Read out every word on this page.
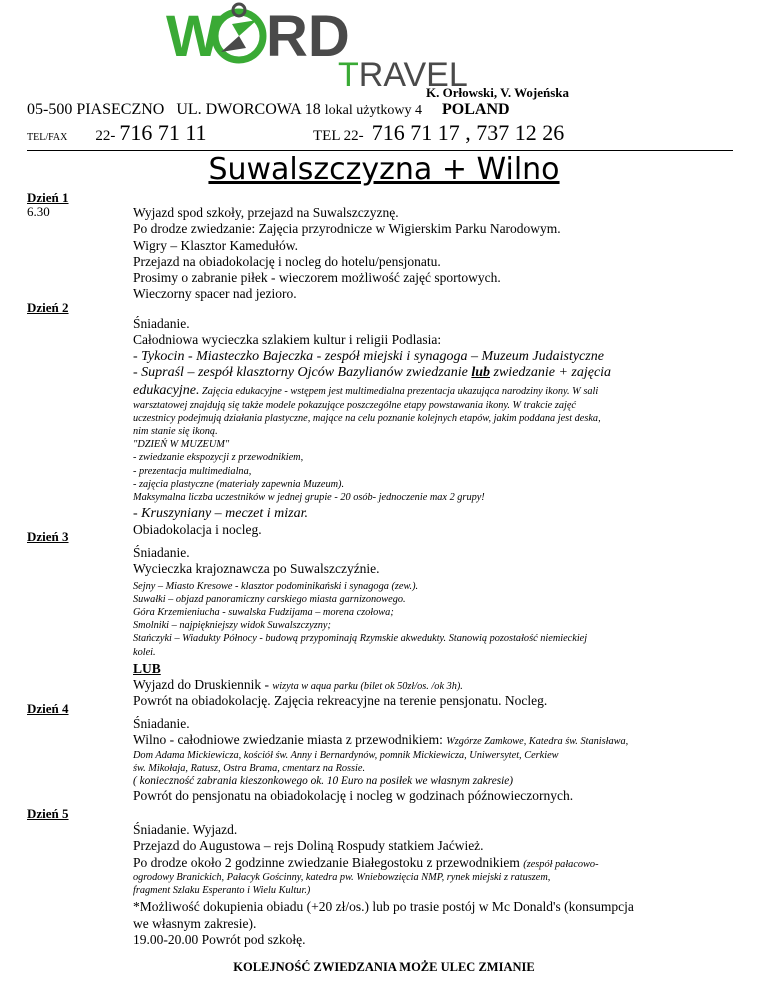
W RD
TRAVEL
K. Orłowski, V. Wojeńska
05-500 PIASECZNO UL. DWORCOWA 18 lokal użytkowy 4 POLAND
TEL/FAX 22- 716 71 11	TEL 22- 716 71 17 , 737 12 26
Suwalszczyzna + Wilno
Dzień 1
6.30	Wyjazd spod szkoły, przejazd na Suwalszczyznę.
Po drodze zwiedzanie: Zajęcia przyrodnicze w Wigierskim Parku Narodowym.
Wigry – Klasztor Kamedułów.
Przejazd na obiadokolację i nocleg do hotelu/pensjonatu.
Prosimy o zabranie piłek - wieczorem możliwość zajęć sportowych.
Wieczorny spacer nad jezioro.
Dzień 2
Śniadanie.
Całodniowa wycieczka szlakiem kultur i religii Podlasia:
- Tykocin - Miasteczko Bajeczka - zespół miejski i synagoga – Muzeum Judaistyczne
- Supraśl – zespół klasztorny Ojców Bazylianów zwiedzanie lub zwiedzanie + zajęcia
edukacyjne. Zajęcia edukacyjne - wstępem jest multimedialna prezentacja ukazująca narodziny ikony. W sali
warsztatowej znajdują się także modele pokazujące poszczególne etapy powstawania ikony. W trakcie zajęć
uczestnicy podejmują działania plastyczne, mające na celu poznanie kolejnych etapów, jakim poddana jest deska,
nim stanie się ikoną.
"DZIEŃ W MUZEUM"
- zwiedzanie ekspozycji z przewodnikiem,
- prezentacja multimedialna,
- zajęcia plastyczne (materiały zapewnia Muzeum).
Maksymalna liczba uczestników w jednej grupie - 20 osób- jednoczenie max 2 grupy!
- Kruszyniany – meczet i mizar.
Obiadokolacja i nocleg.
Dzień 3
Śniadanie.
Wycieczka krajoznawcza po Suwalszczyźnie.
Sejny – Miasto Kresowe - klasztor podominikański i synagoga (zew.).
Suwałki – objazd panoramiczny carskiego miasta garnizonowego.
Góra Krzemieniucha - suwalska Fudzijama – morena czołowa;
Smolniki – najpiękniejszy widok Suwalszczyzny;
Stańczyki – Wiadukty Północy - budową przypominają Rzymskie akwedukty. Stanowią pozostałość niemieckiej
kolei.
LUB
Wyjazd do Druskiennik - wizyta w aqua parku (bilet ok 50zł/os. /ok 3h).
Powrót na obiadokolację. Zajęcia rekreacyjne na terenie pensjonatu. Nocleg.
Dzień 4
Śniadanie.
Wilno - całodniowe zwiedzanie miasta z przewodnikiem: Wzgórze Zamkowe, Katedra św. Stanisława,
Dom Adama Mickiewicza, kościół św. Anny i Bernardynów, pomnik Mickiewicza, Uniwersytet, Cerkiew
św. Mikołaja, Ratusz, Ostra Brama, cmentarz na Rossie.
( konieczność zabrania kieszonkowego ok. 10 Euro na posiłek we własnym zakresie)
Powrót do pensjonatu na obiadokolację i nocleg w godzinach późnowieczornych.
Dzień 5
Śniadanie. Wyjazd.
Przejazd do Augustowa – rejs Doliną Rospudy statkiem Jaćwież.
Po drodze około 2 godzinne zwiedzanie Białegostoku z przewodnikiem (zespół pałacowo-
ogrodowy Branickich, Pałacyk Gościnny, katedra pw. Wniebowzięcia NMP, rynek miejski z ratuszem,
fragment Szlaku Esperanto i Wielu Kultur.)
*Możliwość dokupienia obiadu (+20 zł/os.) lub po trasie postój w Mc Donald's (konsumpcja
we własnym zakresie).
19.00-20.00 Powrót pod szkołę.
KOLEJNOŚĆ ZWIEDZANIA MOŻE ULEC ZMIANIE
